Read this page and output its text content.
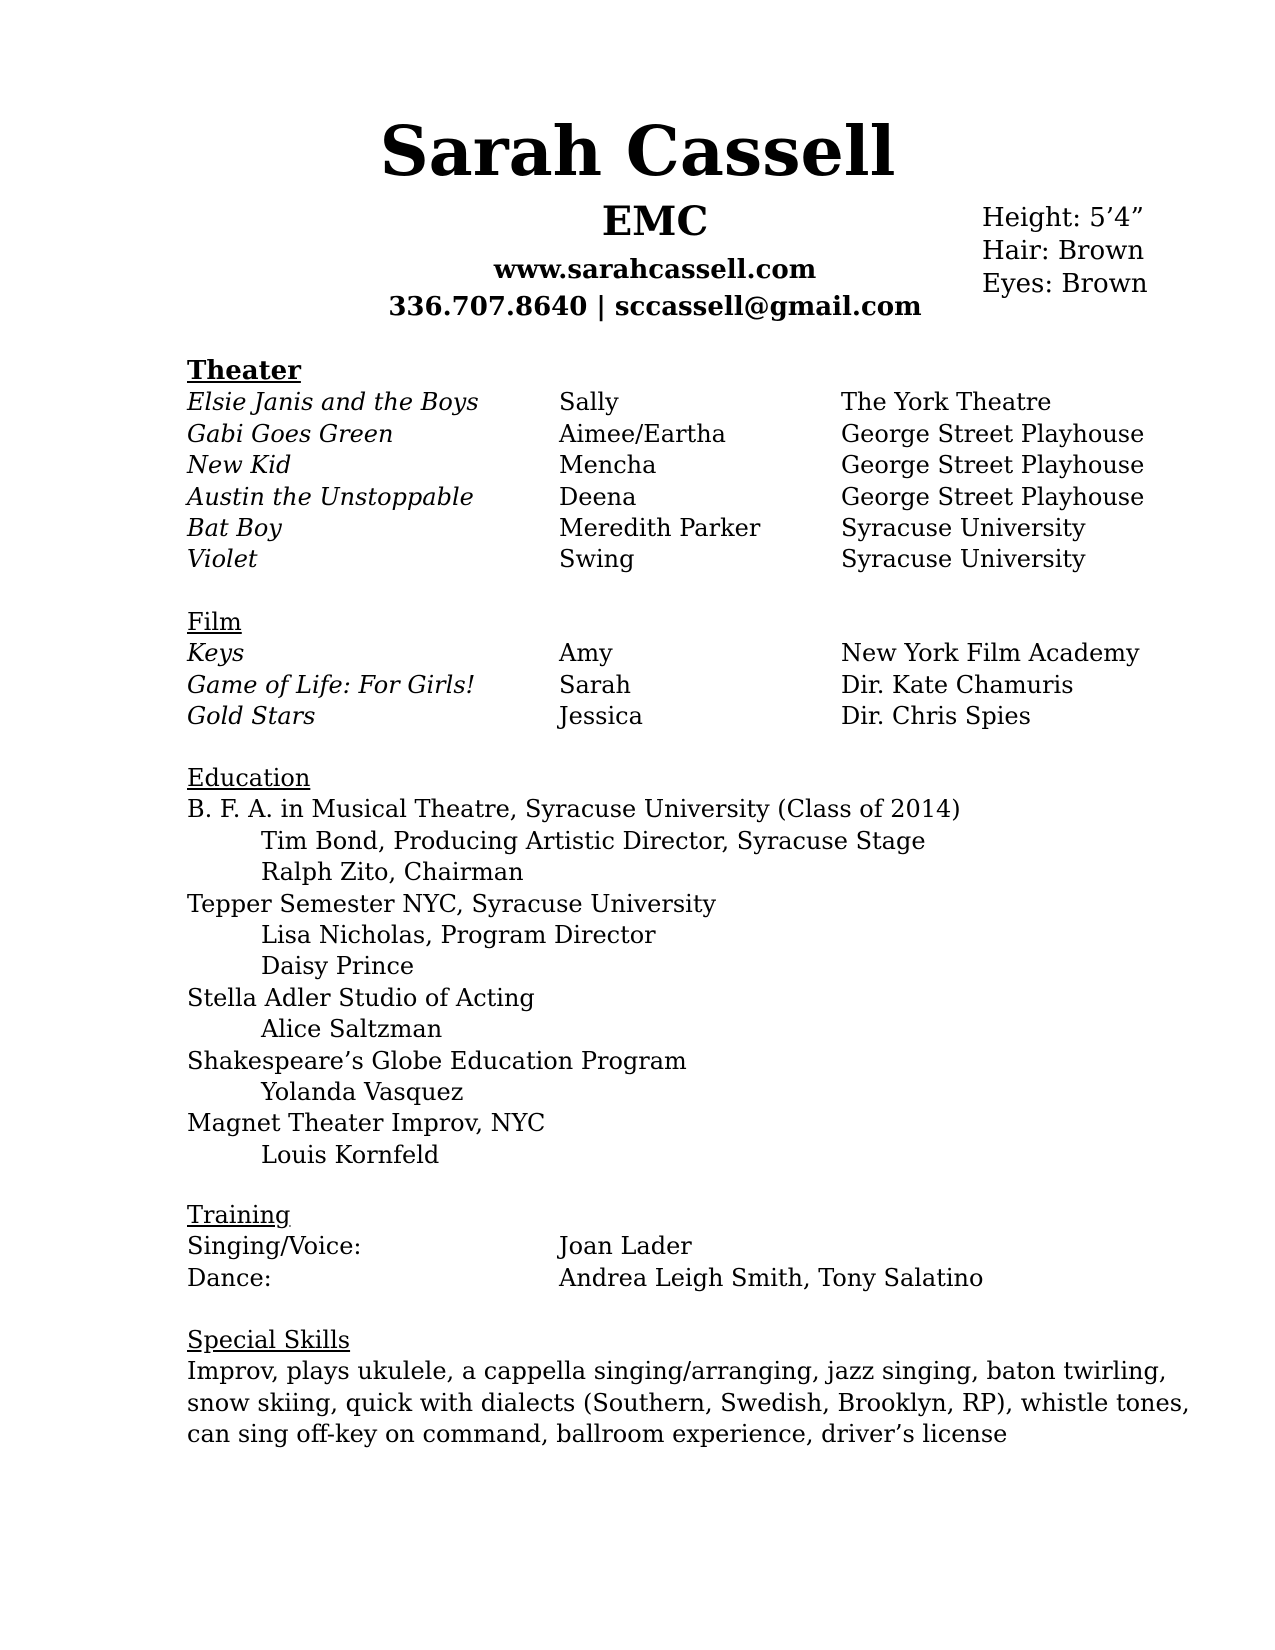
Sarah Cassell
EMC
www.sarahcassell.com
336.707.8640 | sccassell@gmail.com
Height: 5’4”
Hair: Brown
Eyes: Brown
Theater
Elsie Janis and the Boys	Sally	The York Theatre
Gabi Goes Green	Aimee/Eartha	George Street Playhouse
New Kid	Mencha	George Street Playhouse
Austin the Unstoppable	Deena	George Street Playhouse
Bat Boy	Meredith Parker	Syracuse University
Violet	Swing	Syracuse University
Film
Keys	Amy	New York Film Academy
Game of Life: For Girls!	Sarah	Dir. Kate Chamuris
Gold Stars	Jessica	Dir. Chris Spies
Education
B. F. A. in Musical Theatre, Syracuse University (Class of 2014)
Tim Bond, Producing Artistic Director, Syracuse Stage
Ralph Zito, Chairman
Tepper Semester NYC, Syracuse University
Lisa Nicholas, Program Director
Daisy Prince
Stella Adler Studio of Acting
Alice Saltzman
Shakespeare’s Globe Education Program
Yolanda Vasquez
Magnet Theater Improv, NYC
Louis Kornfeld
Training
Singing/Voice:	Joan Lader
Dance:	Andrea Leigh Smith, Tony Salatino
Special Skills
Improv, plays ukulele, a cappella singing/arranging, jazz singing, baton twirling,
snow skiing, quick with dialects (Southern, Swedish, Brooklyn, RP), whistle tones,
can sing off-key on command, ballroom experience, driver’s license
